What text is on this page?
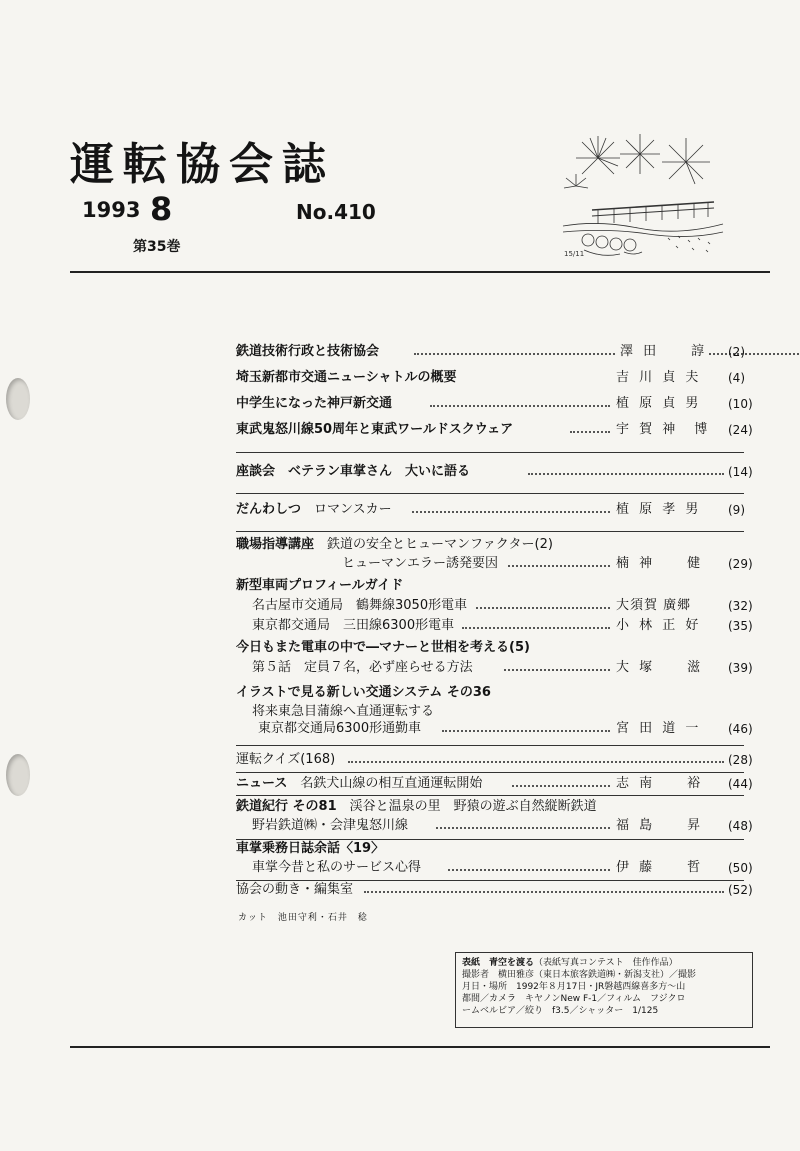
運転協会誌
1993 8	No.410
第35巻	15/11
鉄道技術行政と技術協会	澤 田　　諄 (2)
埼玉新都市交通ニューシャトルの概要	吉 川 貞 夫 (4)
中学生になった神戸新交通	植 原 貞 男 (10)
東武鬼怒川線50周年と東武ワールドスクウェア	宇 賀 神　博 (24)
座談会　ベテラン車掌さん　大いに語る	(14)
だんわしつ　 ロマンスカー	植 原 孝 男 (9)
職場指導講座　 鉄道の安全とヒューマンファクター(2)
ヒューマンエラー誘発要因	楠 神　　健 (29)
新型車両プロフィールガイド
名古屋市交通局　鶴舞線3050形電車	大須賀 廣郷	(32)
東京都交通局　三田線6300形電車	小 林 正 好 (35)
今日もまた電車の中で―マナーと世相を考える(5)
第５話　定員７名，必ず座らせる方法	大 塚　　滋 (39)
イラストで見る新しい交通システム その36
将来東急目蒲線へ直通運転する
東京都交通局6300形通勤車	宮 田 道 一 (46)
運転クイズ(168)	(28)
ニュース　 名鉄犬山線の相互直通運転開始	志 南　　裕 (44)
鉄道紀行 その81　 渓谷と温泉の里　野猿の遊ぶ自然縦断鉄道
野岩鉄道㈱・会津鬼怒川線	福 島　　昇 (48)
車掌乗務日誌余話〈19〉
車掌今昔と私のサービス心得	伊 藤　　哲 (50)
協会の動き・編集室	(52)
カット　池田守利・石井　稔
表紙　青空を渡る（表紙写真コンテスト　佳作作品）
撮影者　横田雅彦（東日本旅客鉄道㈱・新潟支社）／撮影
月日・場所　1992年８月17日・JR磐越西線喜多方～山
都間／カメラ　キヤノンNew F-1／フィルム　フジクロ
ームベルビア／絞り　f3.5／シャッター　1/125
